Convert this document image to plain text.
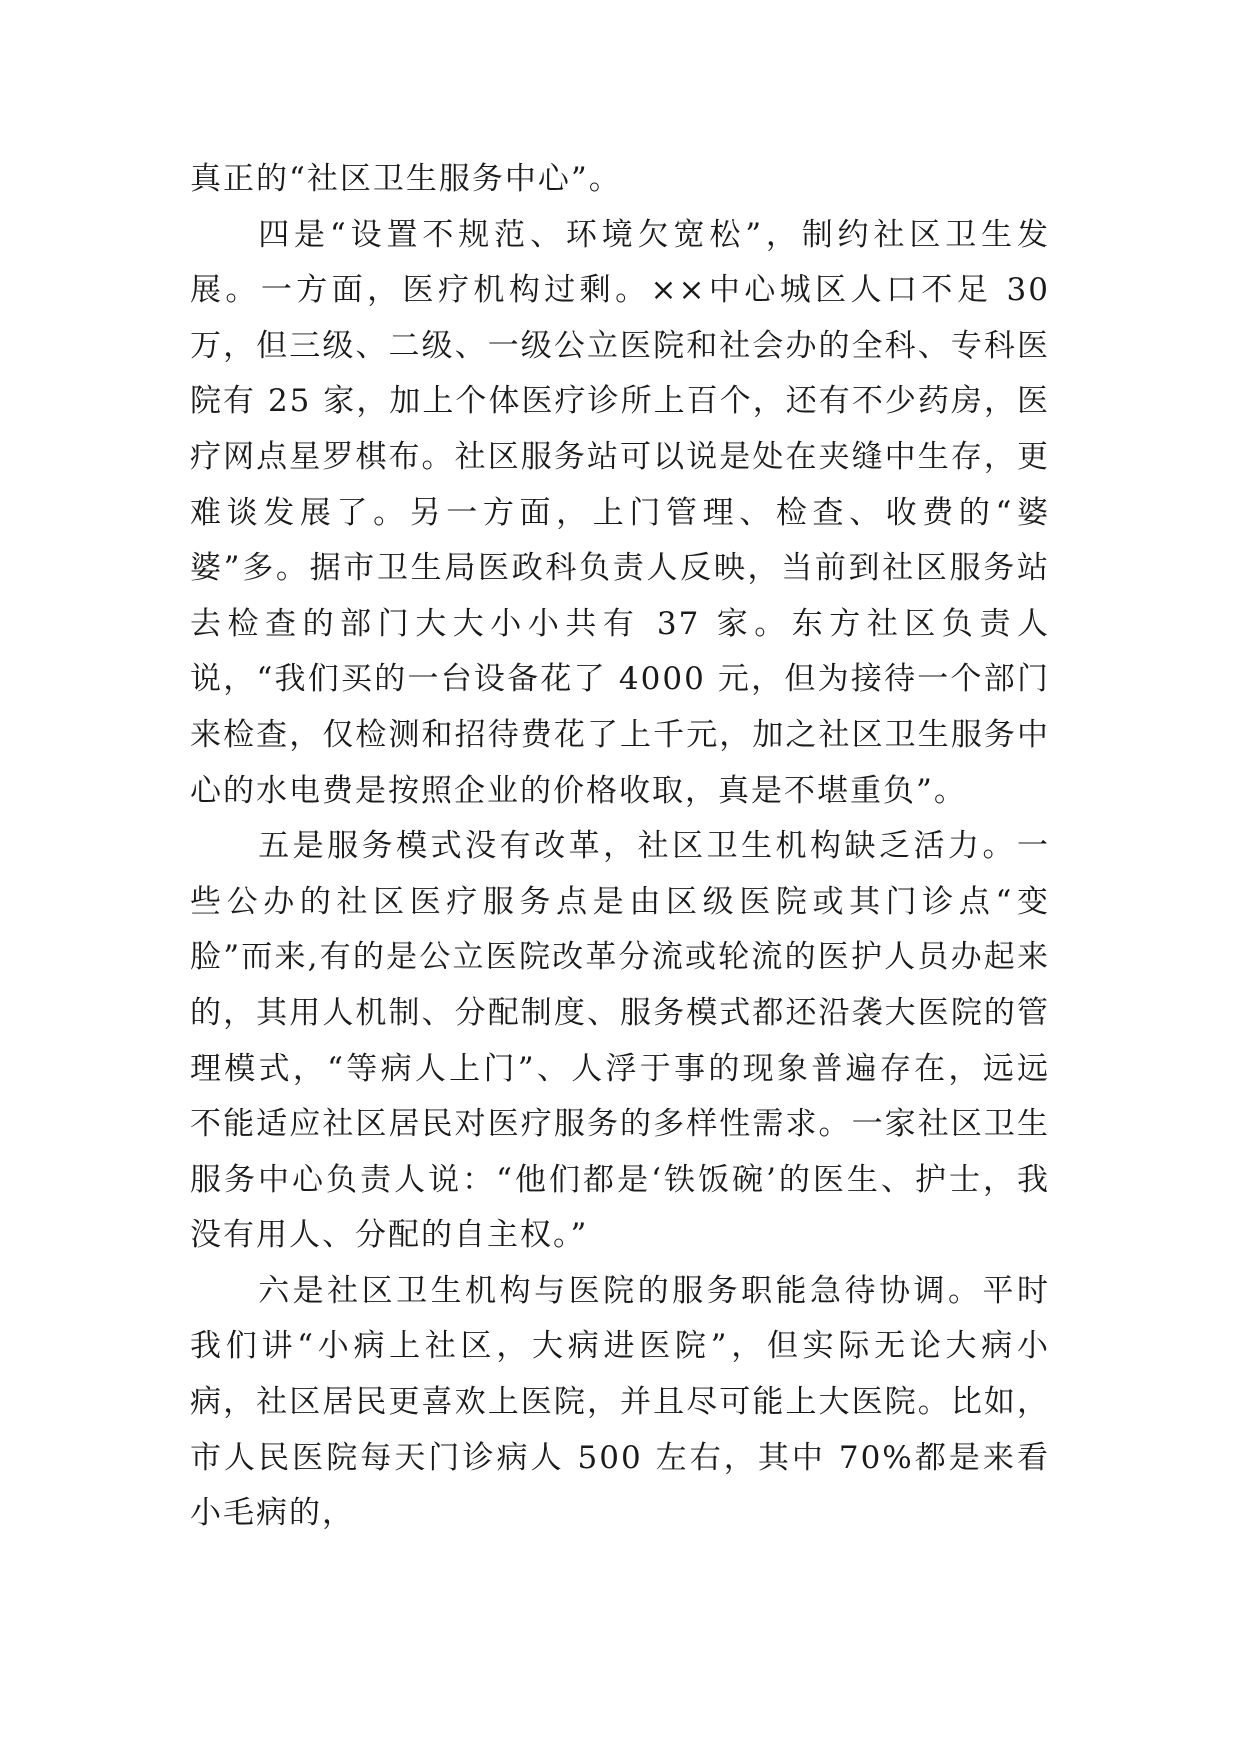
真正的“社区卫生服务中心”。

四是“设置不规范、环境欠宽松”，制约社区卫生发展。一方面，医疗机构过剩。××中心城区人口不足 30 万，但三级、二级、一级公立医院和社会办的全科、专科医院有 25 家，加上个体医疗诊所上百个，还有不少药房，医疗网点星罗棋布。社区服务站可以说是处在夹缝中生存，更难谈发展了。另一方面，上门管理、检查、收费的“婆婆”多。据市卫生局医政科负责人反映，当前到社区服务站去检查的部门大大小小共有 37 家。东方社区负责人说，“我们买的一台设备花了 4000 元，但为接待一个部门来检查，仅检测和招待费花了上千元，加之社区卫生服务中心的水电费是按照企业的价格收取，真是不堪重负”。

五是服务模式没有改革，社区卫生机构缺乏活力。一些公办的社区医疗服务点是由区级医院或其门诊点“变脸”而来,有的是公立医院改革分流或轮流的医护人员办起来的，其用人机制、分配制度、服务模式都还沿袭大医院的管理模式，“等病人上门”、人浮于事的现象普遍存在，远远不能适应社区居民对医疗服务的多样性需求。一家社区卫生服务中心负责人说：“他们都是‘铁饭碗’的医生、护士，我没有用人、分配的自主权。”

六是社区卫生机构与医院的服务职能急待协调。平时我们讲“小病上社区，大病进医院”，但实际无论大病小病，社区居民更喜欢上医院，并且尽可能上大医院。比如，市人民医院每天门诊病人 500 左右，其中 70%都是来看小毛病的，
